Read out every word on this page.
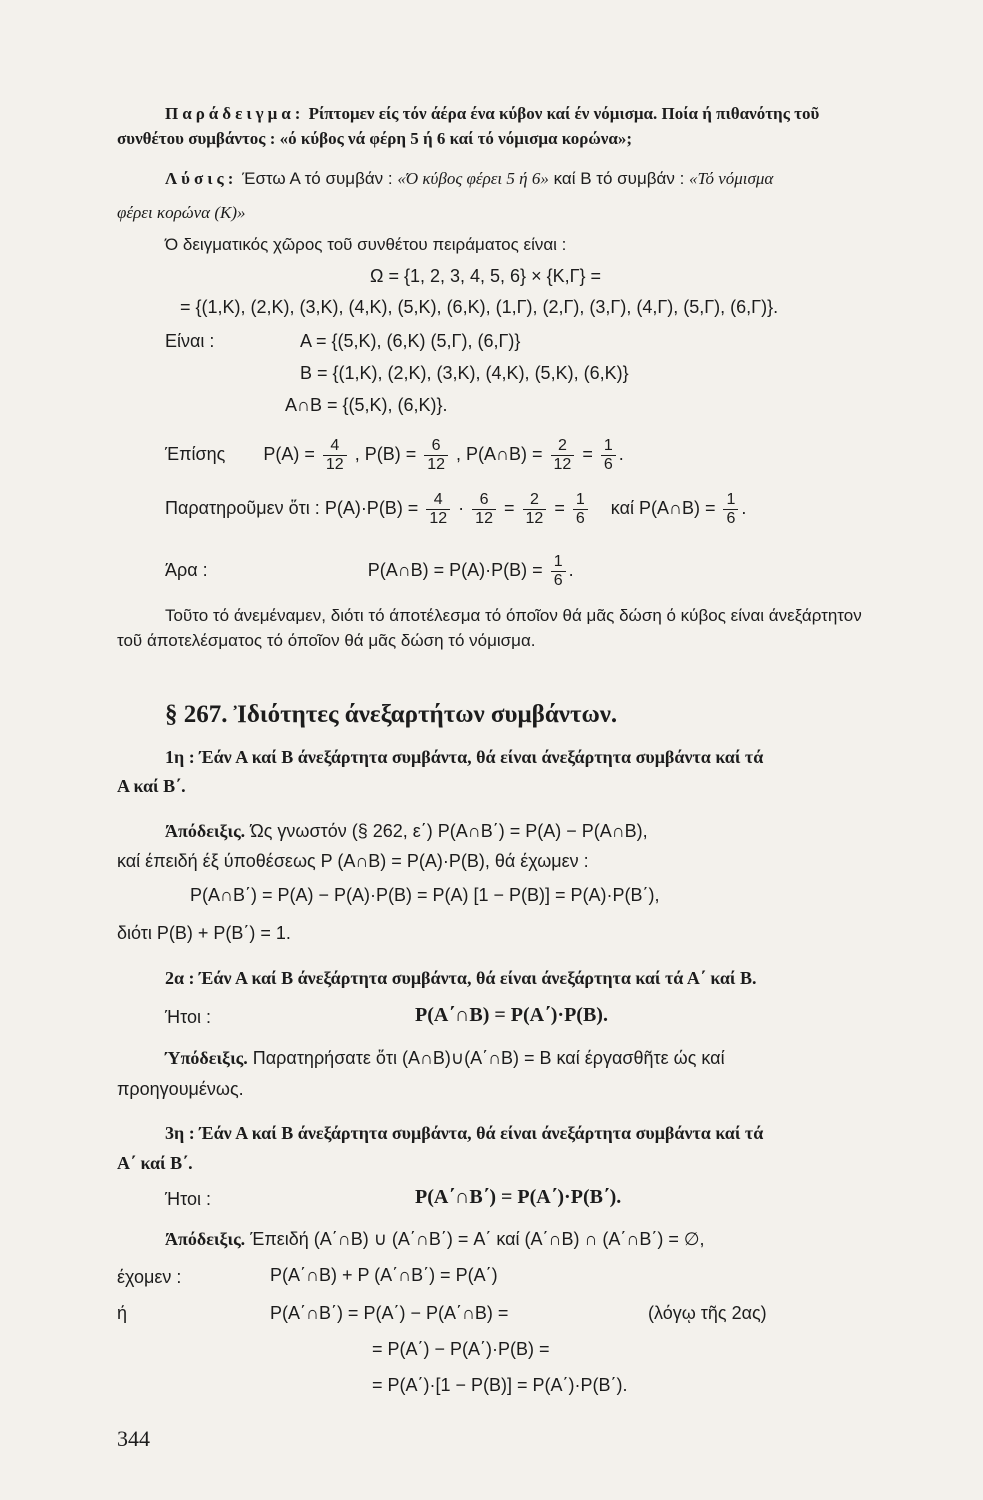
Παράδειγμα: Ρίπτομεν είς τόν άέρα ένα κύβον καί έν νόμισμα. Ποία ή πιθανότης τοῦ
συνθέτου συμβάντος : «ό κύβος νά φέρη 5 ή 6 καί τό νόμισμα κορώνα»;
Λύσις: Έστω Α τό συμβάν : «Ό κύβος φέρει 5 ή 6» καί Β τό συμβάν : «Τό νόμισμα
φέρει κορώνα (Κ)»
Ό δειγματικός χῶρος τοῦ συνθέτου πειράματος είναι :
Ω = {1, 2, 3, 4, 5, 6} × {Κ,Γ} =
= {(1,Κ), (2,Κ), (3,Κ), (4,Κ), (5,Κ), (6,Κ), (1,Γ), (2,Γ), (3,Γ), (4,Γ), (5,Γ), (6,Γ)}.
Είναι :	Α = {(5,Κ), (6,Κ) (5,Γ), (6,Γ)}
Β = {(1,Κ), (2,Κ), (3,Κ), (4,Κ), (5,Κ), (6,Κ)}
Α∩Β = {(5,Κ), (6,Κ)}.
Έπίσης $P(A) = \frac{4}{12}$ , $P(B) = \frac{6}{12}$ , P(A∩B) = $\frac{2}{12} = \frac{1}{6}$ .
Παρατηροῦμεν ὅτι : $P(A)\cdot P(B) = \frac{4}{12} \cdot \frac{6}{12} = \frac{2}{12} = \frac{1}{6}$ καί P(A∩B) = $\frac{1}{6}$ .
Άρα :	P(A∩B) = $P(A)\cdot P(B) = \frac{1}{6}$ .
Τοῦτο τό άνεμέναμεν, διότι τό άποτέλεσμα τό όποῖον θά μᾶς δώση ό κύβος είναι άνεξάρτητον
τοῦ άποτελέσματος τό όποῖον θά μᾶς δώση τό νόμισμα.
§ 267. Ἰδιότητες άνεξαρτήτων συμβάντων.
1η : Έάν Α καί Β άνεξάρτητα συμβάντα, θά είναι άνεξάρτητα συμβάντα καί τά
Α καί Β΄.
Άπόδειξις. Ώς γνωστόν (§ 262, ε΄) P(A∩B΄) = P(A) − P(A∩B),
καί έπειδή έξ ύποθέσεως P (A∩B) = P(A)·P(B), θά έχωμεν :
P(A∩B΄) = P(A) − P(A)·P(B) = P(A) [1 − P(B)] = P(A)·P(B΄),
διότι P(B) + P(B΄) = 1.
2α : Έάν Α καί Β άνεξάρτητα συμβάντα, θά είναι άνεξάρτητα καί τά Α΄ καί Β.
Ήτοι :	P(A΄∩B) = P(A΄)·P(B).
Ύπόδειξις. Παρατηρήσατε ὅτι (A∩B)∪(A΄∩B) = B καί έργασθῆτε ώς καί
προηγουμένως.
3η : Έάν Α καί Β άνεξάρτητα συμβάντα, θά είναι άνεξάρτητα συμβάντα καί τά
Α΄ καί Β΄.
Ήτοι :	P(A΄∩B΄) = P(A΄)·P(B΄).
Άπόδειξις. Έπειδή (A΄∩B) ∪ (A΄∩B΄) = A΄ καί (A΄∩B) ∩ (A΄∩B΄) = ∅,
έχομεν :	P(A΄∩B) + P (A΄∩B΄) = P(A΄)
ή	P(A΄∩B΄) = P(A΄) − P(A΄∩B) =	(λόγῳ τῆς 2ας)
= P(A΄) − P(A΄)·P(B) =
= P(A΄)·[1 − P(B)] = P(A΄)·P(B΄).
344
